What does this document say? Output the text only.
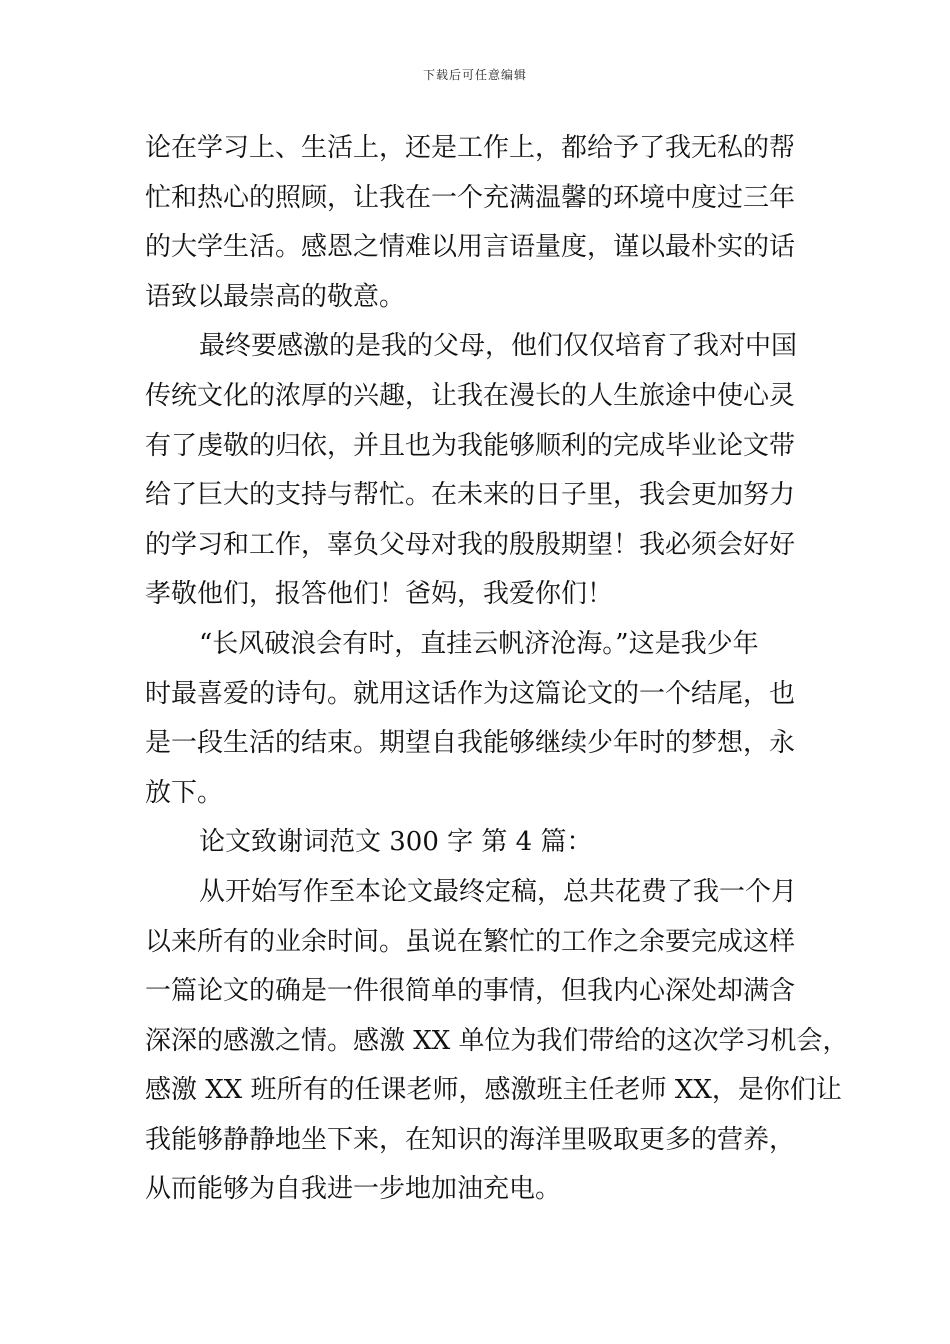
下载后可任意编辑
论在学习上、生活上，还是工作上，都给予了我无私的帮
忙和热心的照顾，让我在一个充满温馨的环境中度过三年
的大学生活。感恩之情难以用言语量度，谨以最朴实的话
语致以最崇高的敬意。
最终要感激的是我的父母，他们仅仅培育了我对中国
传统文化的浓厚的兴趣，让我在漫长的人生旅途中使心灵
有了虔敬的归依，并且也为我能够顺利的完成毕业论文带
给了巨大的支持与帮忙。在未来的日子里，我会更加努力
的学习和工作，辜负父母对我的殷殷期望！我必须会好好
孝敬他们，报答他们！爸妈，我爱你们！
“长风破浪会有时，直挂云帆济沧海。”这是我少年
时最喜爱的诗句。就用这话作为这篇论文的一个结尾，也
是一段生活的结束。期望自我能够继续少年时的梦想，永
放下。
论文致谢词范文 300 字 第 4 篇：
从开始写作至本论文最终定稿，总共花费了我一个月
以来所有的业余时间。虽说在繁忙的工作之余要完成这样
一篇论文的确是一件很简单的事情，但我内心深处却满含
深深的感激之情。感激 XX 单位为我们带给的这次学习机会，
感激 XX 班所有的任课老师，感激班主任老师 XX，是你们让
我能够静静地坐下来，在知识的海洋里吸取更多的营养，
从而能够为自我进一步地加油充电。
